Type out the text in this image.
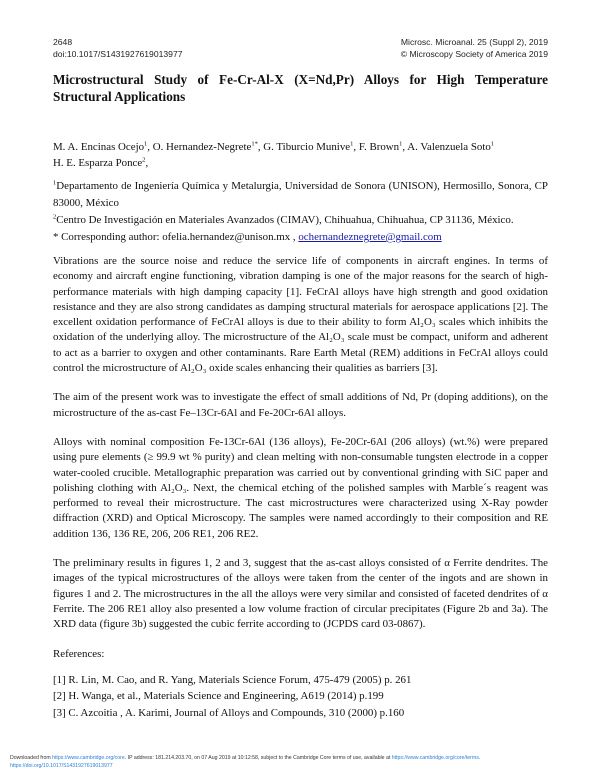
2648
doi:10.1017/S1431927619013977
Microsc. Microanal. 25 (Suppl 2), 2019
© Microscopy Society of America 2019
Microstructural Study of Fe-Cr-Al-X (X=Nd,Pr) Alloys for High Temperature Structural Applications
M. A. Encinas Ocejo$^1$, O. Hernandez-Negrete$^{1*}$, G. Tiburcio Munive$^1$, F. Brown$^1$, A. Valenzuela Soto$^1$
H. E. Esparza Ponce$^2$,

$^1$Departamento de Ingeniería Química y Metalurgia, Universidad de Sonora (UNISON), Hermosillo, Sonora, CP 83000, México

$^2$Centro De Investigación en Materiales Avanzados (CIMAV), Chihuahua, Chihuahua, CP 31136, México.

* Corresponding author: ofelia.hernandez@unison.mx , ochernandeznegrete@gmail.com

Vibrations are the source noise and reduce the service life of components in aircraft engines. In terms of economy and aircraft engine functioning, vibration damping is one of the major reasons for the search of high-performance materials with high damping capacity [1]. FeCrAl alloys have high strength and good oxidation resistance and they are also strong candidates as damping structural materials for aerospace applications [2]. The excellent oxidation performance of FeCrAl alloys is due to their ability to form Al₂O₃ scales which inhibits the oxidation of the underlying alloy. The microstructure of the Al₂O₃ scale must be compact, uniform and adherent to act as a barrier to oxygen and other contaminants. Rare Earth Metal (REM) additions in FeCrAl alloys could control the microstructure of Al₂O₃ oxide scales enhancing their qualities as barriers [3].
The aim of the present work was to investigate the effect of small additions of Nd, Pr (doping additions), on the microstructure of the as-cast Fe–13Cr-6Al and Fe-20Cr-6Al alloys.
Alloys with nominal composition Fe-13Cr-6Al (136 alloys), Fe-20Cr-6Al (206 alloys) (wt.%) were prepared using pure elements (≥ 99.9 wt % purity) and clean melting with non-consumable tungsten electrode in a copper water-cooled crucible. Metallographic preparation was carried out by conventional grinding with SiC paper and polishing clothing with Al₂O₃. Next, the chemical etching of the polished samples with Marble´s reagent was performed to reveal their microstructure. The cast microstructures were characterized using X-Ray powder diffraction (XRD) and Optical Microscopy. The samples were named accordingly to their composition and RE addition 136, 136 RE, 206, 206 RE1, 206 RE2.
The preliminary results in figures 1, 2 and 3, suggest that the as-cast alloys consisted of α Ferrite dendrites. The images of the typical microstructures of the alloys were taken from the center of the ingots and are shown in figures 1 and 2. The microstructures in the all the alloys were very similar and consisted of faceted dendrites of α Ferrite. The 206 RE1 alloy also presented a low volume fraction of circular precipitates (Figure 2b and 3a). The XRD data (figure 3b) suggested the cubic ferrite according to (JCPDS card 03-0867).
References:
[1] R. Lin, M. Cao, and R. Yang, Materials Science Forum, 475-479 (2005) p. 261
[2] H. Wanga, et al., Materials Science and Engineering, A619 (2014) p.199
[3] C. Azcoitia , A. Karimi, Journal of Alloys and Compounds, 310 (2000) p.160
Downloaded from https://www.cambridge.org/core. IP address: 181.214.203.70, on 07 Aug 2019 at 10:12:58, subject to the Cambridge Core terms of use, available at https://www.cambridge.org/core/terms.
https://doi.org/10.1017/S1431927619013977
